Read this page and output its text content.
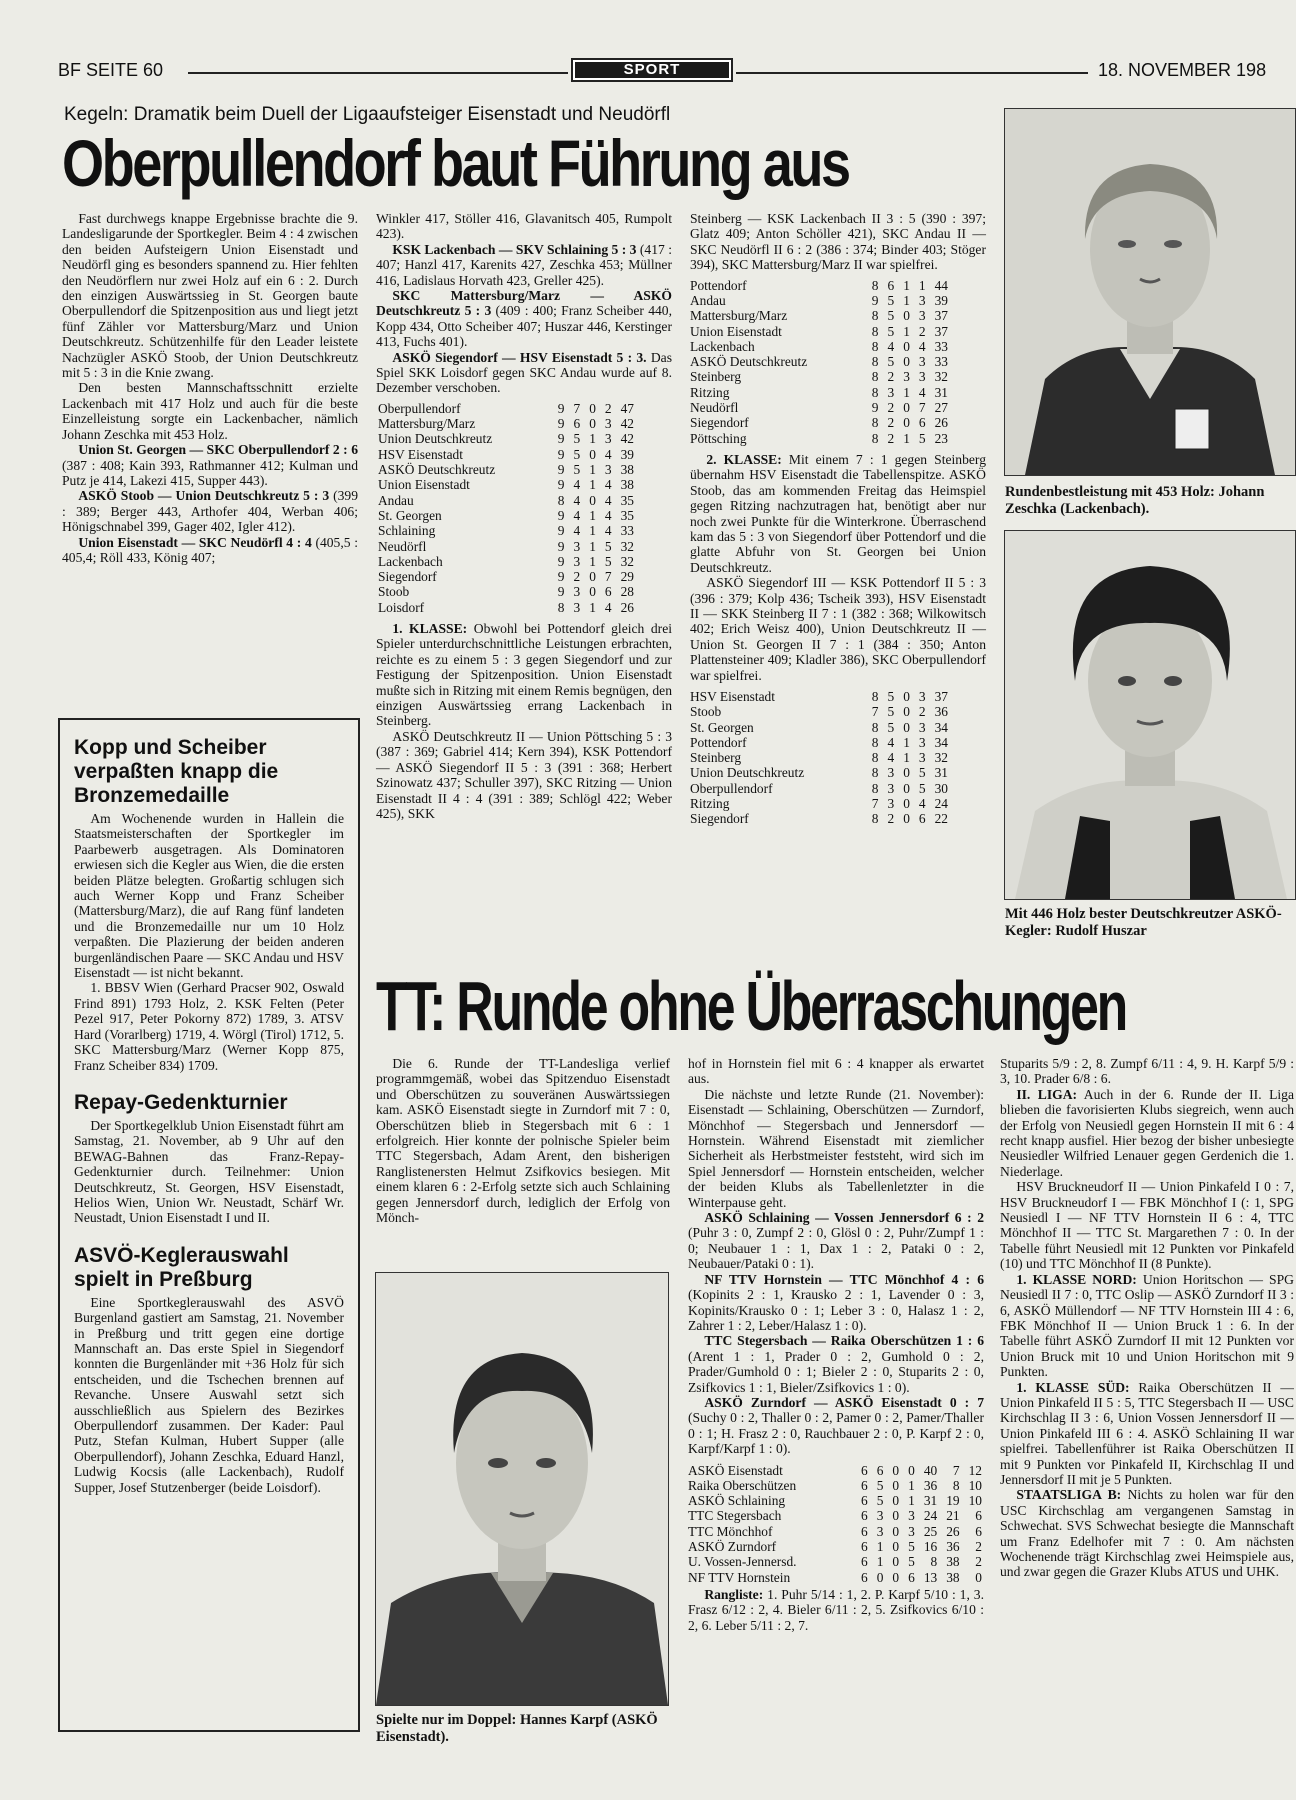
BF SEITE 60	SPORT	18. NOVEMBER 198
Kegeln: Dramatik beim Duell der Ligaaufsteiger Eisenstadt und Neudörfl
Oberpullendorf baut Führung aus

Fast durchwegs knappe Ergebnisse brachte die 9. Landesligarunde der Sportkegler. Beim 4 : 4 zwischen den beiden Aufsteigern Union Eisenstadt und Neudörfl ging es besonders spannend zu. Hier fehlten den Neudörflern nur zwei Holz auf ein 6 : 2. Durch den einzigen Auswärtssieg in St. Georgen baute Oberpullendorf die Spitzenposition aus und liegt jetzt fünf Zähler vor Mattersburg/Marz und Union Deutschkreutz. Schützenhilfe für den Leader leistete Nachzügler ASKÖ Stoob, der Union Deutschkreutz mit 5 : 3 in die Knie zwang.

Den besten Mannschaftsschnitt erzielte Lackenbach mit 417 Holz und auch für die beste Einzelleistung sorgte ein Lackenbacher, nämlich Johann Zeschka mit 453 Holz.

Union St. Georgen — SKC Oberpullendorf 2 : 6 (387 : 408; Kain 393, Rathmanner 412; Kulman und Putz je 414, Lakezi 415, Supper 443).

ASKÖ Stoob — Union Deutschkreutz 5 : 3 (399 : 389; Berger 443, Arthofer 404, Werban 406; Hönigschnabel 399, Gager 402, Igler 412).

Union Eisenstadt — SKC Neudörfl 4 : 4 (405,5 : 405,4; Röll 433, König 407;

Winkler 417, Stöller 416, Glavanitsch 405, Rumpolt 423).

KSK Lackenbach — SKV Schlaining 5 : 3 (417 : 407; Hanzl 417, Karenits 427, Zeschka 453; Müllner 416, Ladislaus Horvath 423, Greller 425).

SKC Mattersburg/Marz — ASKÖ Deutschkreutz 5 : 3 (409 : 400; Franz Scheiber 440, Kopp 434, Otto Scheiber 407; Huszar 446, Kerstinger 413, Fuchs 401).

ASKÖ Siegendorf — HSV Eisenstadt 5 : 3. Das Spiel SKK Loisdorf gegen SKC Andau wurde auf 8. Dezember verschoben.

Oberpullendorf	9	7	0	2	47
Mattersburg/Marz	9	6	0	3	42
Union Deutschkreutz	9	5	1	3	42
HSV Eisenstadt	9	5	0	4	39
ASKÖ Deutschkreutz	9	5	1	3	38
Union Eisenstadt	9	4	1	4	38
Andau	8	4	0	4	35
St. Georgen	9	4	1	4	35
Schlaining	9	4	1	4	33
Neudörfl	9	3	1	5	32
Lackenbach	9	3	1	5	32
Siegendorf	9	2	0	7	29
Stoob	9	3	0	6	28
Loisdorf	8	3	1	4	26

1. KLASSE: Obwohl bei Pottendorf gleich drei Spieler unterdurchschnittliche Leistungen erbrachten, reichte es zu einem 5 : 3 gegen Siegendorf und zur Festigung der Spitzenposition. Union Eisenstadt mußte sich in Ritzing mit einem Remis begnügen, den einzigen Auswärtssieg errang Lackenbach in Steinberg.

ASKÖ Deutschkreutz II — Union Pöttsching 5 : 3 (387 : 369; Gabriel 414; Kern 394), KSK Pottendorf — ASKÖ Siegendorf II 5 : 3 (391 : 368; Herbert Szinowatz 437; Schuller 397), SKC Ritzing — Union Eisenstadt II 4 : 4 (391 : 389; Schlögl 422; Weber 425), SKK

Steinberg — KSK Lackenbach II 3 : 5 (390 : 397; Glatz 409; Anton Schöller 421), SKC Andau II — SKC Neudörfl II 6 : 2 (386 : 374; Binder 403; Stöger 394), SKC Mattersburg/Marz II war spielfrei.

Pottendorf	8	6	1	1	44
Andau	9	5	1	3	39
Mattersburg/Marz	8	5	0	3	37
Union Eisenstadt	8	5	1	2	37
Lackenbach	8	4	0	4	33
ASKÖ Deutschkreutz	8	5	0	3	33
Steinberg	8	2	3	3	32
Ritzing	8	3	1	4	31
Neudörfl	9	2	0	7	27
Siegendorf	8	2	0	6	26
Pöttsching	8	2	1	5	23

2. KLASSE: Mit einem 7 : 1 gegen Steinberg übernahm HSV Eisenstadt die Tabellenspitze. ASKÖ Stoob, das am kommenden Freitag das Heimspiel gegen Ritzing nachzutragen hat, benötigt aber nur noch zwei Punkte für die Winterkrone. Überraschend kam das 5 : 3 von Siegendorf über Pottendorf und die glatte Abfuhr von St. Georgen bei Union Deutschkreutz.

ASKÖ Siegendorf III — KSK Pottendorf II 5 : 3 (396 : 379; Kolp 436; Tscheik 393), HSV Eisenstadt II — SKK Steinberg II 7 : 1 (382 : 368; Wilkowitsch 402; Erich Weisz 400), Union Deutschkreutz II — Union St. Georgen II 7 : 1 (384 : 350; Anton Plattensteiner 409; Kladler 386), SKC Oberpullendorf war spielfrei.

HSV Eisenstadt	8	5	0	3	37
Stoob	7	5	0	2	36
St. Georgen	8	5	0	3	34
Pottendorf	8	4	1	3	34
Steinberg	8	4	1	3	32
Union Deutschkreutz	8	3	0	5	31
Oberpullendorf	8	3	0	5	30
Ritzing	7	3	0	4	24
Siegendorf	8	2	0	6	22
Rundenbestleistung mit 453 Holz: Johann Zeschka (Lackenbach).
Mit 446 Holz bester Deutschkreutzer ASKÖ-Kegler: Rudolf Huszar
Kopp und Scheiber verpaßten knapp die Bronzemedaille

Am Wochenende wurden in Hallein die Staatsmeisterschaften der Sportkegler im Paarbewerb ausgetragen. Als Dominatoren erwiesen sich die Kegler aus Wien, die die ersten beiden Plätze belegten. Großartig schlugen sich auch Werner Kopp und Franz Scheiber (Mattersburg/Marz), die auf Rang fünf landeten und die Bronzemedaille nur um 10 Holz verpaßten. Die Plazierung der beiden anderen burgenländischen Paare — SKC Andau und HSV Eisenstadt — ist nicht bekannt.

1. BBSV Wien (Gerhard Pracser 902, Oswald Frind 891) 1793 Holz, 2. KSK Felten (Peter Pezel 917, Peter Pokorny 872) 1789, 3. ATSV Hard (Vorarlberg) 1719, 4. Wörgl (Tirol) 1712, 5. SKC Mattersburg/Marz (Werner Kopp 875, Franz Scheiber 834) 1709.

Repay-Gedenkturnier

Der Sportkegelklub Union Eisenstadt führt am Samstag, 21. November, ab 9 Uhr auf den BEWAG-Bahnen das Franz-Repay-Gedenkturnier durch. Teilnehmer: Union Deutschkreutz, St. Georgen, HSV Eisenstadt, Helios Wien, Union Wr. Neustadt, Schärf Wr. Neustadt, Union Eisenstadt I und II.

ASVÖ-Keglerauswahl spielt in Preßburg

Eine Sportkeglerauswahl des ASVÖ Burgenland gastiert am Samstag, 21. November in Preßburg und tritt gegen eine dortige Mannschaft an. Das erste Spiel in Siegendorf konnten die Burgenländer mit +36 Holz für sich entscheiden, und die Tschechen brennen auf Revanche. Unsere Auswahl setzt sich ausschließlich aus Spielern des Bezirkes Oberpullendorf zusammen. Der Kader: Paul Putz, Stefan Kulman, Hubert Supper (alle Oberpullendorf), Johann Zeschka, Eduard Hanzl, Ludwig Kocsis (alle Lackenbach), Rudolf Supper, Josef Stutzenberger (beide Loisdorf).

TT: Runde ohne Überraschungen

Die 6. Runde der TT-Landesliga verlief programmgemäß, wobei das Spitzenduo Eisenstadt und Oberschützen zu souveränen Auswärtssiegen kam. ASKÖ Eisenstadt siegte in Zurndorf mit 7 : 0, Oberschützen blieb in Stegersbach mit 6 : 1 erfolgreich. Hier konnte der polnische Spieler beim TTC Stegersbach, Adam Arent, den bisherigen Ranglistenersten Helmut Zsifkovics besiegen. Mit einem klaren 6 : 2-Erfolg setzte sich auch Schlaining gegen Jennersdorf durch, lediglich der Erfolg von Mönch-

Spielte nur im Doppel: Hannes Karpf (ASKÖ Eisenstadt).

hof in Hornstein fiel mit 6 : 4 knapper als erwartet aus.

Die nächste und letzte Runde (21. November): Eisenstadt — Schlaining, Oberschützen — Zurndorf, Mönchhof — Stegersbach und Jennersdorf — Hornstein. Während Eisenstadt mit ziemlicher Sicherheit als Herbstmeister feststeht, wird sich im Spiel Jennersdorf — Hornstein entscheiden, welcher der beiden Klubs als Tabellenletzter in die Winterpause geht.

ASKÖ Schlaining — Vossen Jennersdorf 6 : 2 (Puhr 3 : 0, Zumpf 2 : 0, Glösl 0 : 2, Puhr/Zumpf 1 : 0; Neubauer 1 : 1, Dax 1 : 2, Pataki 0 : 2, Neubauer/Pataki 0 : 1).

NF TTV Hornstein — TTC Mönchhof 4 : 6 (Kopinits 2 : 1, Krausko 2 : 1, Lavender 0 : 3, Kopinits/Krausko 0 : 1; Leber 3 : 0, Halasz 1 : 2, Zahrer 1 : 2, Leber/Halasz 1 : 0).

TTC Stegersbach — Raika Oberschützen 1 : 6 (Arent 1 : 1, Prader 0 : 2, Gumhold 0 : 2, Prader/Gumhold 0 : 1; Bieler 2 : 0, Stuparits 2 : 0, Zsifkovics 1 : 1, Bieler/Zsifkovics 1 : 0).

ASKÖ Zurndorf — ASKÖ Eisenstadt 0 : 7 (Suchy 0 : 2, Thaller 0 : 2, Pamer 0 : 2, Pamer/Thaller 0 : 1; H. Frasz 2 : 0, Rauchbauer 2 : 0, P. Karpf 2 : 0, Karpf/Karpf 1 : 0).

ASKÖ Eisenstadt	6	6	0	0	40	7	12
Raika Oberschützen	6	5	0	1	36	8	10
ASKÖ Schlaining	6	5	0	1	31	19	10
TTC Stegersbach	6	3	0	3	24	21	6
TTC Mönchhof	6	3	0	3	25	26	6
ASKÖ Zurndorf	6	1	0	5	16	36	2
U. Vossen-Jennersd.	6	1	0	5	8	38	2
NF TTV Hornstein	6	0	0	6	13	38	0

Rangliste: 1. Puhr 5/14 : 1, 2. P. Karpf 5/10 : 1, 3. Frasz 6/12 : 2, 4. Bieler 6/11 : 2, 5. Zsifkovics 6/10 : 2, 6. Leber 5/11 : 2, 7.

Stuparits 5/9 : 2, 8. Zumpf 6/11 : 4, 9. H. Karpf 5/9 : 3, 10. Prader 6/8 : 6.

II. LIGA: Auch in der 6. Runde der II. Liga blieben die favorisierten Klubs siegreich, wenn auch der Erfolg von Neusiedl gegen Hornstein II mit 6 : 4 recht knapp ausfiel. Hier bezog der bisher unbesiegte Neusiedler Wilfried Lenauer gegen Gerdenich die 1. Niederlage.

HSV Bruckneudorf II — Union Pinkafeld I 0 : 7, HSV Bruckneudorf I — FBK Mönchhof I (: 1, SPG Neusiedl I — NF TTV Hornstein II 6 : 4, TTC Mönchhof II — TTC St. Margarethen 7 : 0. In der Tabelle führt Neusiedl mit 12 Punkten vor Pinkafeld (10) und TTC Mönchhof II (8 Punkte).

1. KLASSE NORD: Union Horitschon — SPG Neusiedl II 7 : 0, TTC Oslip — ASKÖ Zurndorf II 3 : 6, ASKÖ Müllendorf — NF TTV Hornstein III 4 : 6, FBK Mönchhof II — Union Bruck 1 : 6. In der Tabelle führt ASKÖ Zurndorf II mit 12 Punkten vor Union Bruck mit 10 und Union Horitschon mit 9 Punkten.

1. KLASSE SÜD: Raika Oberschützen II — Union Pinkafeld II 5 : 5, TTC Stegersbach II — USC Kirchschlag II 3 : 6, Union Vossen Jennersdorf II — Union Pinkafeld III 6 : 4. ASKÖ Schlaining II war spielfrei. Tabellenführer ist Raika Oberschützen II mit 9 Punkten vor Pinkafeld II, Kirchschlag II und Jennersdorf II mit je 5 Punkten.

STAATSLIGA B: Nichts zu holen war für den USC Kirchschlag am vergangenen Samstag in Schwechat. SVS Schwechat besiegte die Mannschaft um Franz Edelhofer mit 7 : 0. Am nächsten Wochenende trägt Kirchschlag zwei Heimspiele aus, und zwar gegen die Grazer Klubs ATUS und UHK.
